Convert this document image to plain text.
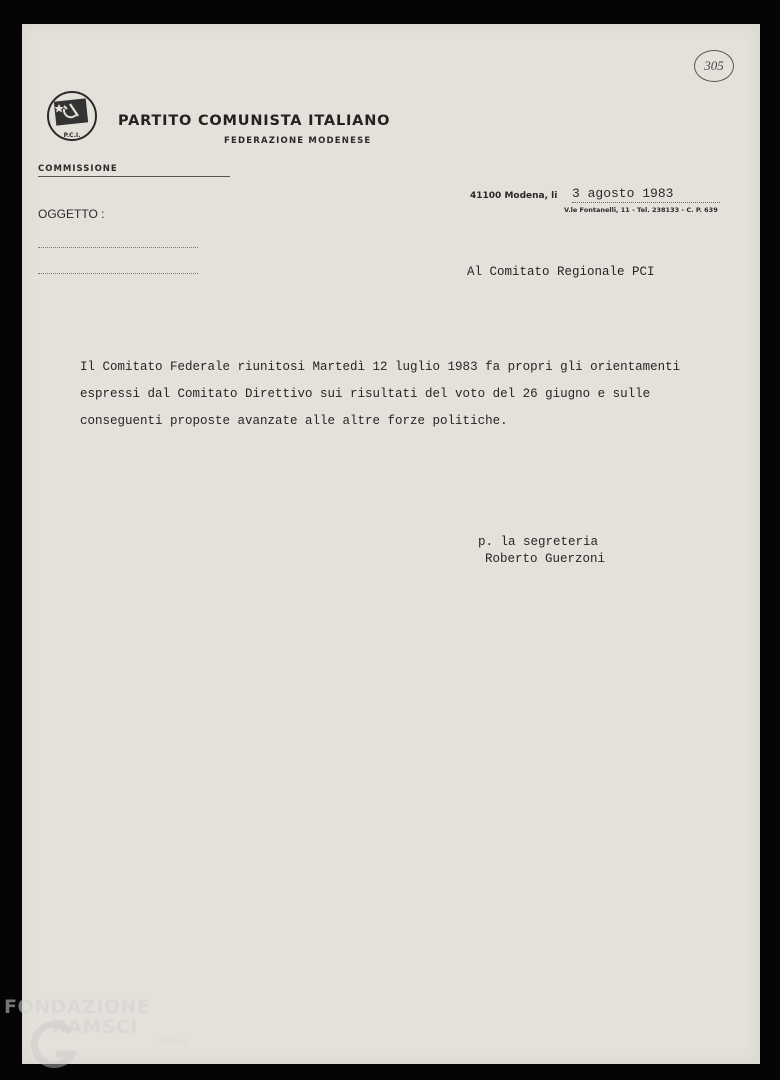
305
P.C.I.
PARTITO COMUNISTA ITALIANO
FEDERAZIONE MODENESE
COMMISSIONE
OGGETTO :
41100 Modena, li 3 agosto 1983
V.le Fontanelli, 11 - Tel. 238133 - C. P. 639
Al Comitato Regionale PCI
Il Comitato Federale riunitosi Martedì 12 luglio 1983 fa propri gli orientamenti
espressi dal Comitato Direttivo sui risultati del voto del 26 giugno e sulle
conseguenti proposte avanzate alle altre forze politiche.
p. la segreteria
Roberto Guerzoni
FONDAZIONE
RAMSCI
onlus
